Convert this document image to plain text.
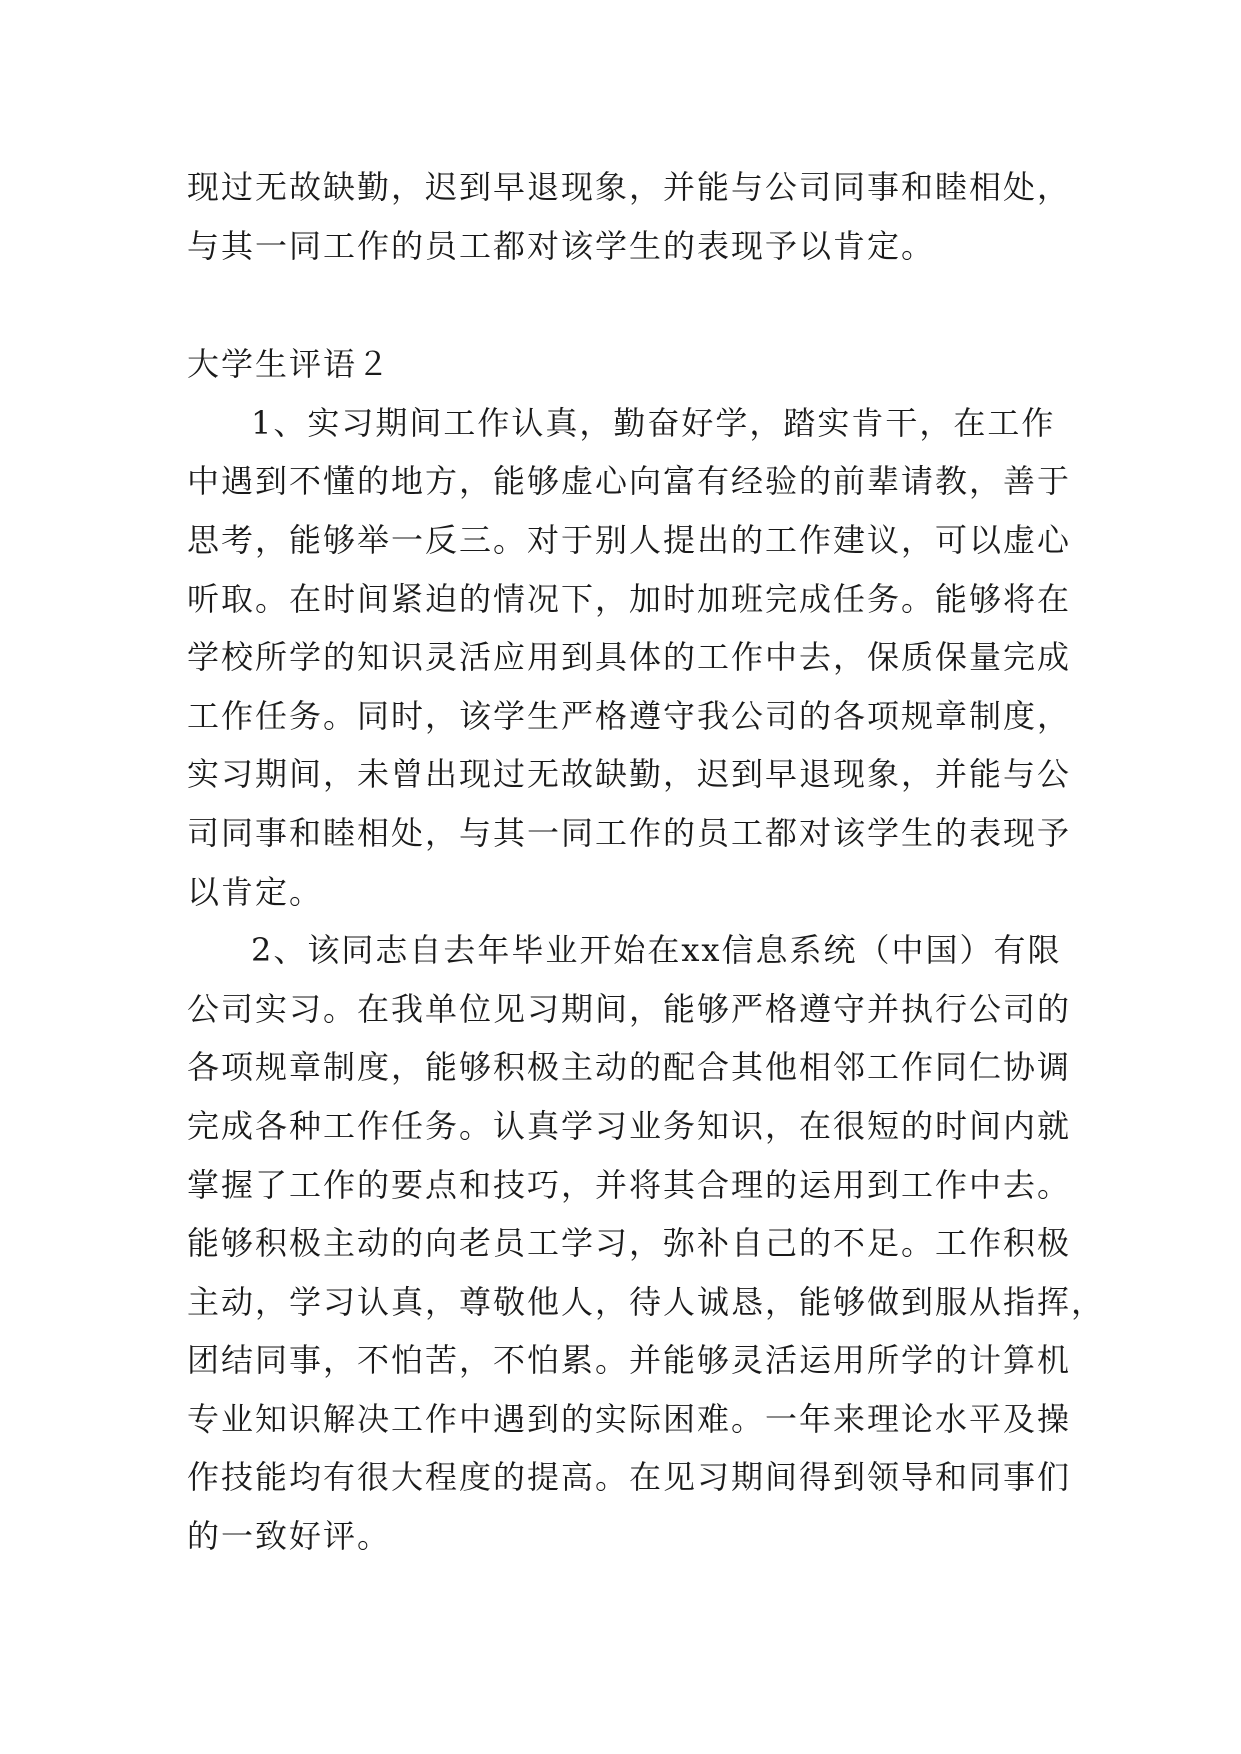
现过无故缺勤，迟到早退现象，并能与公司同事和睦相处，
与其一同工作的员工都对该学生的表现予以肯定。
大学生评语２
1、实习期间工作认真，勤奋好学，踏实肯干，在工作
中遇到不懂的地方，能够虚心向富有经验的前辈请教，善于
思考，能够举一反三。对于别人提出的工作建议，可以虚心
听取。在时间紧迫的情况下，加时加班完成任务。能够将在
学校所学的知识灵活应用到具体的工作中去，保质保量完成
工作任务。同时，该学生严格遵守我公司的各项规章制度，
实习期间，未曾出现过无故缺勤，迟到早退现象，并能与公
司同事和睦相处，与其一同工作的员工都对该学生的表现予
以肯定。
2、该同志自去年毕业开始在xx信息系统（中国）有限
公司实习。在我单位见习期间，能够严格遵守并执行公司的
各项规章制度，能够积极主动的配合其他相邻工作同仁协调
完成各种工作任务。认真学习业务知识，在很短的时间内就
掌握了工作的要点和技巧，并将其合理的运用到工作中去。
能够积极主动的向老员工学习，弥补自己的不足。工作积极
主动，学习认真，尊敬他人，待人诚恳，能够做到服从指挥，
团结同事，不怕苦，不怕累。并能够灵活运用所学的计算机
专业知识解决工作中遇到的实际困难。一年来理论水平及操
作技能均有很大程度的提高。在见习期间得到领导和同事们
的一致好评。
